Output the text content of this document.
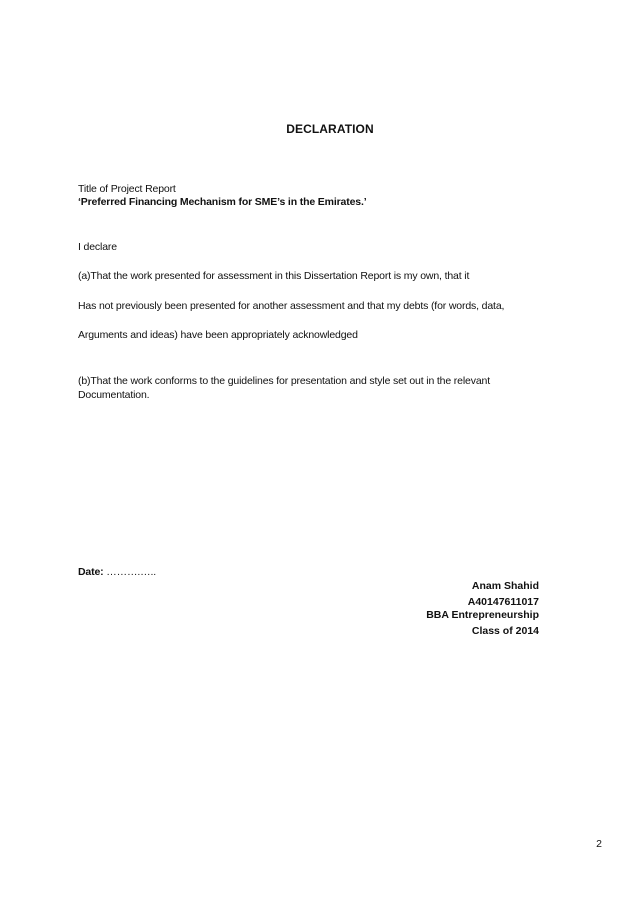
DECLARATION
Title of Project Report
‘Preferred Financing Mechanism for SME’s in the Emirates.’
I declare
(a)That the work presented for assessment in this Dissertation Report is my own, that it
Has not previously been presented for another assessment and that my debts (for words, data,
Arguments and ideas) have been appropriately acknowledged
(b)That the work conforms to the guidelines for presentation and style set out in the relevant
Documentation.
Date: ……….…..
Anam Shahid
A40147611017
BBA Entrepreneurship
Class of 2014
2
